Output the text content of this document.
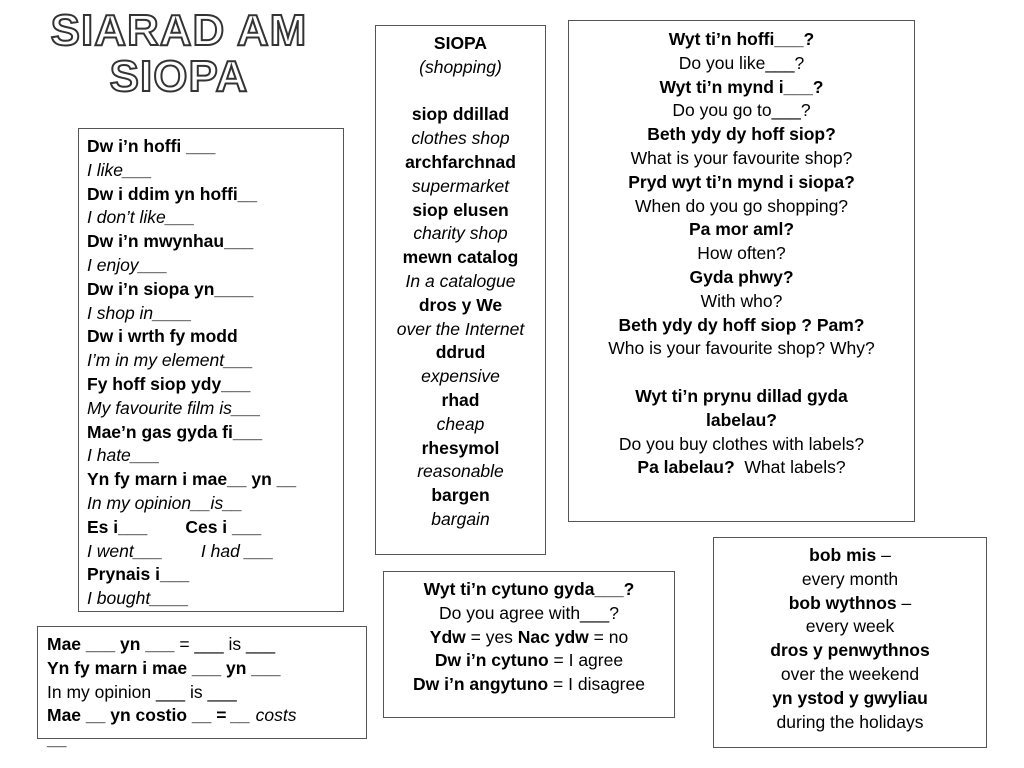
SIARAD AM
SIOPA
Dw i’n hoffi ___
I like___
Dw i ddim yn hoffi__
I don’t like___
Dw i’n mwynhau___
I enjoy___
Dw i’n siopa yn____
I shop in____
Dw i wrth fy modd
I’m in my element___
Fy hoff siop ydy___
My favourite film is___
Mae’n gas gyda fi___
I hate___
Yn fy marn i mae__ yn __
In my opinion__is__
Es i___ Ces i ___
I went___ I had ___
Prynais i___
I bought____
SIOPA
(shopping)
siop ddillad
clothes shop
archfarchnad
supermarket
siop elusen
charity shop
mewn catalog
In a catalogue
dros y We
over the Internet
ddrud
expensive
rhad
cheap
rhesymol
reasonable
bargen
bargain
Wyt ti’n hoffi___?
Do you like___?
Wyt ti’n mynd i___?
Do you go to___?
Beth ydy dy hoff siop?
What is your favourite shop?
Pryd wyt ti’n mynd i siopa?
When do you go shopping?
Pa mor aml?
How often?
Gyda phwy?
With who?
Beth ydy dy hoff siop ? Pam?
Who is your favourite shop? Why?
Wyt ti’n prynu dillad gyda
labelau?
Do you buy clothes with labels?
Pa labelau? What labels?
Mae ___ yn ___ = ___ is ___
Yn fy marn i mae ___ yn ___
In my opinion ___ is ___
Mae __ yn costio __ = __ costs
__
Wyt ti’n cytuno gyda___?
Do you agree with___?
Ydw = yes Nac ydw = no
Dw i’n cytuno = I agree
Dw i’n angytuno = I disagree
bob mis –
every month
bob wythnos –
every week
dros y penwythnos
over the weekend
yn ystod y gwyliau
during the holidays
